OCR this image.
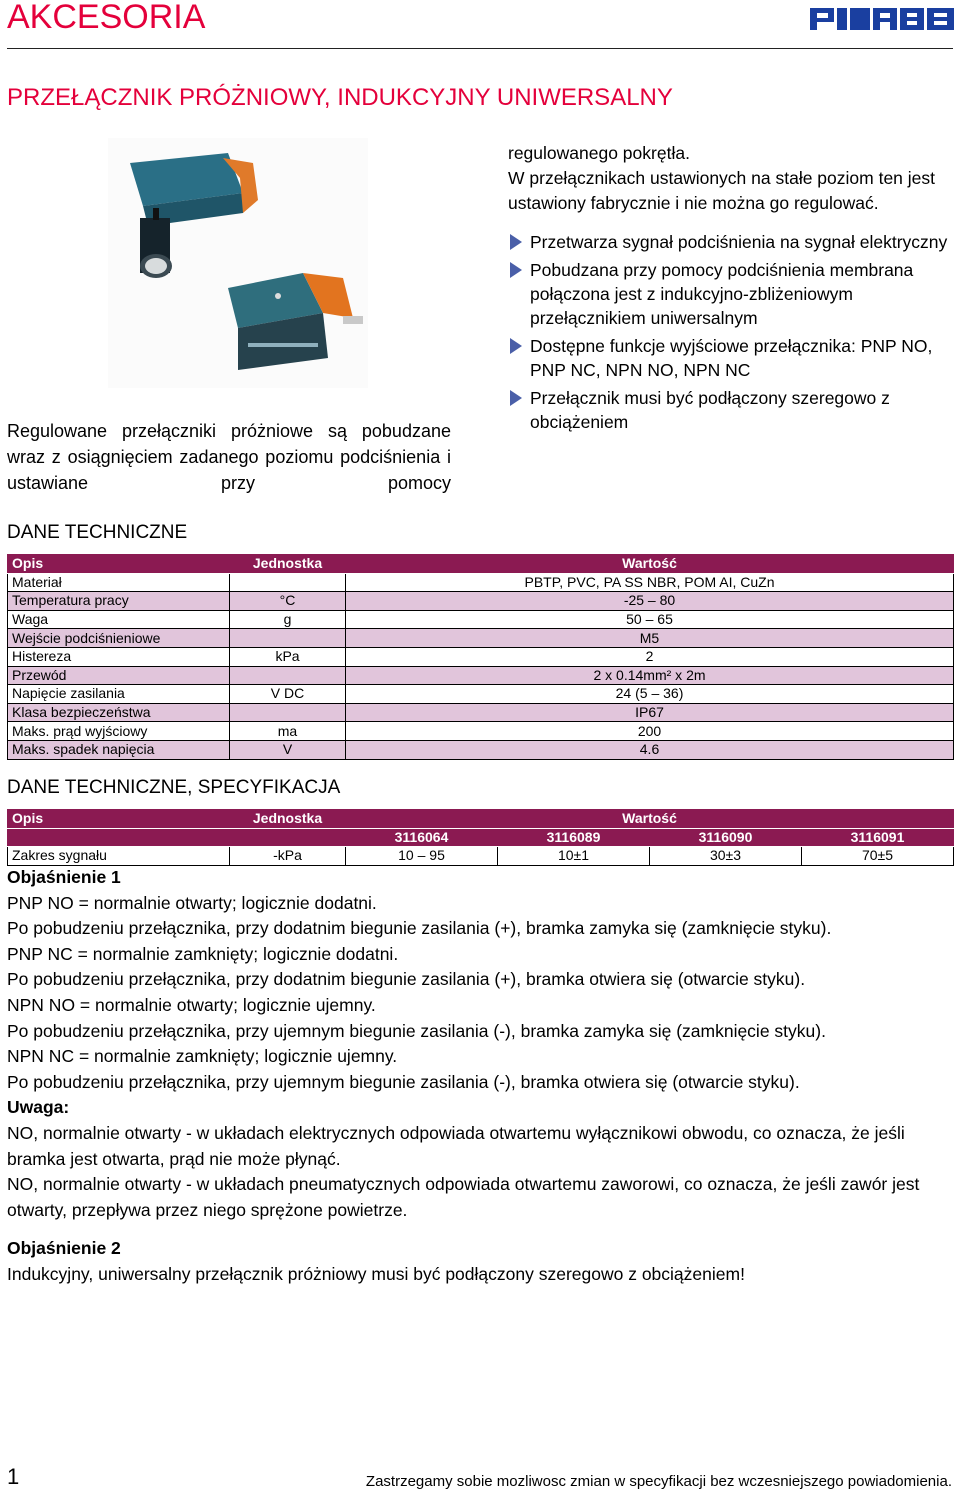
AKCESORIA
PRZEŁĄCZNIK PRÓŻNIOWY, INDUKCYJNY UNIWERSALNY
Regulowane przełączniki próżniowe są pobudzane wraz z osiągnięciem zadanego poziomu podciśnienia i ustawiane przy pomocy
regulowanego pokrętła.
W przełącznikach ustawionych na stałe poziom ten jest ustawiony fabrycznie i nie można go regulować.
Przetwarza sygnał podciśnienia na sygnał elektryczny
Pobudzana przy pomocy podciśnienia membrana połączona jest z indukcyjno-zbliżeniowym przełącznikiem uniwersalnym
Dostępne funkcje wyjściowe przełącznika: PNP NO, PNP NC, NPN NO, NPN NC
Przełącznik musi być podłączony szeregowo z obciążeniem
DANE TECHNICZNE
Opis	Jednostka	Wartość
Materiał		PBTP, PVC, PA SS NBR, POM AI, CuZn
Temperatura pracy	°C	-25 – 80
Waga	g	50 – 65
Wejście podciśnieniowe		M5
Histereza	kPa	2
Przewód		2 x 0.14mm² x 2m
Napięcie zasilania	V DC	24 (5 – 36)
Klasa bezpieczeństwa		IP67
Maks. prąd wyjściowy	ma	200
Maks. spadek napięcia	V	4.6
DANE TECHNICZNE, SPECYFIKACJA
Opis	Jednostka	Wartość			
		3116064	3116089	3116090	3116091
Zakres sygnału	-kPa	10 – 95	10±1	30±3	70±5

Objaśnienie 1

PNP NO = normalnie otwarty; logicznie dodatni.

Po pobudzeniu przełącznika, przy dodatnim biegunie zasilania (+), bramka zamyka się (zamknięcie styku).

PNP NC = normalnie zamknięty; logicznie dodatni.

Po pobudzeniu przełącznika, przy dodatnim biegunie zasilania (+), bramka otwiera się (otwarcie styku).

NPN NO = normalnie otwarty; logicznie ujemny.

Po pobudzeniu przełącznika, przy ujemnym biegunie zasilania (-), bramka zamyka się (zamknięcie styku).

NPN NC = normalnie zamknięty; logicznie ujemny.

Po pobudzeniu przełącznika, przy ujemnym biegunie zasilania (-), bramka otwiera się (otwarcie styku).

Uwaga:

NO, normalnie otwarty - w układach elektrycznych odpowiada otwartemu wyłącznikowi obwodu, co oznacza, że jeśli bramka jest otwarta, prąd nie może płynąć.

NO, normalnie otwarty - w układach pneumatycznych odpowiada otwartemu zaworowi, co oznacza, że jeśli zawór jest otwarty, przepływa przez niego sprężone powietrze.

Objaśnienie 2

Indukcyjny, uniwersalny przełącznik próżniowy musi być podłączony szeregowo z obciążeniem!

1	Zastrzegamy sobie mozliwosc zmian w specyfikacji bez wczesniejszego powiadomienia.
